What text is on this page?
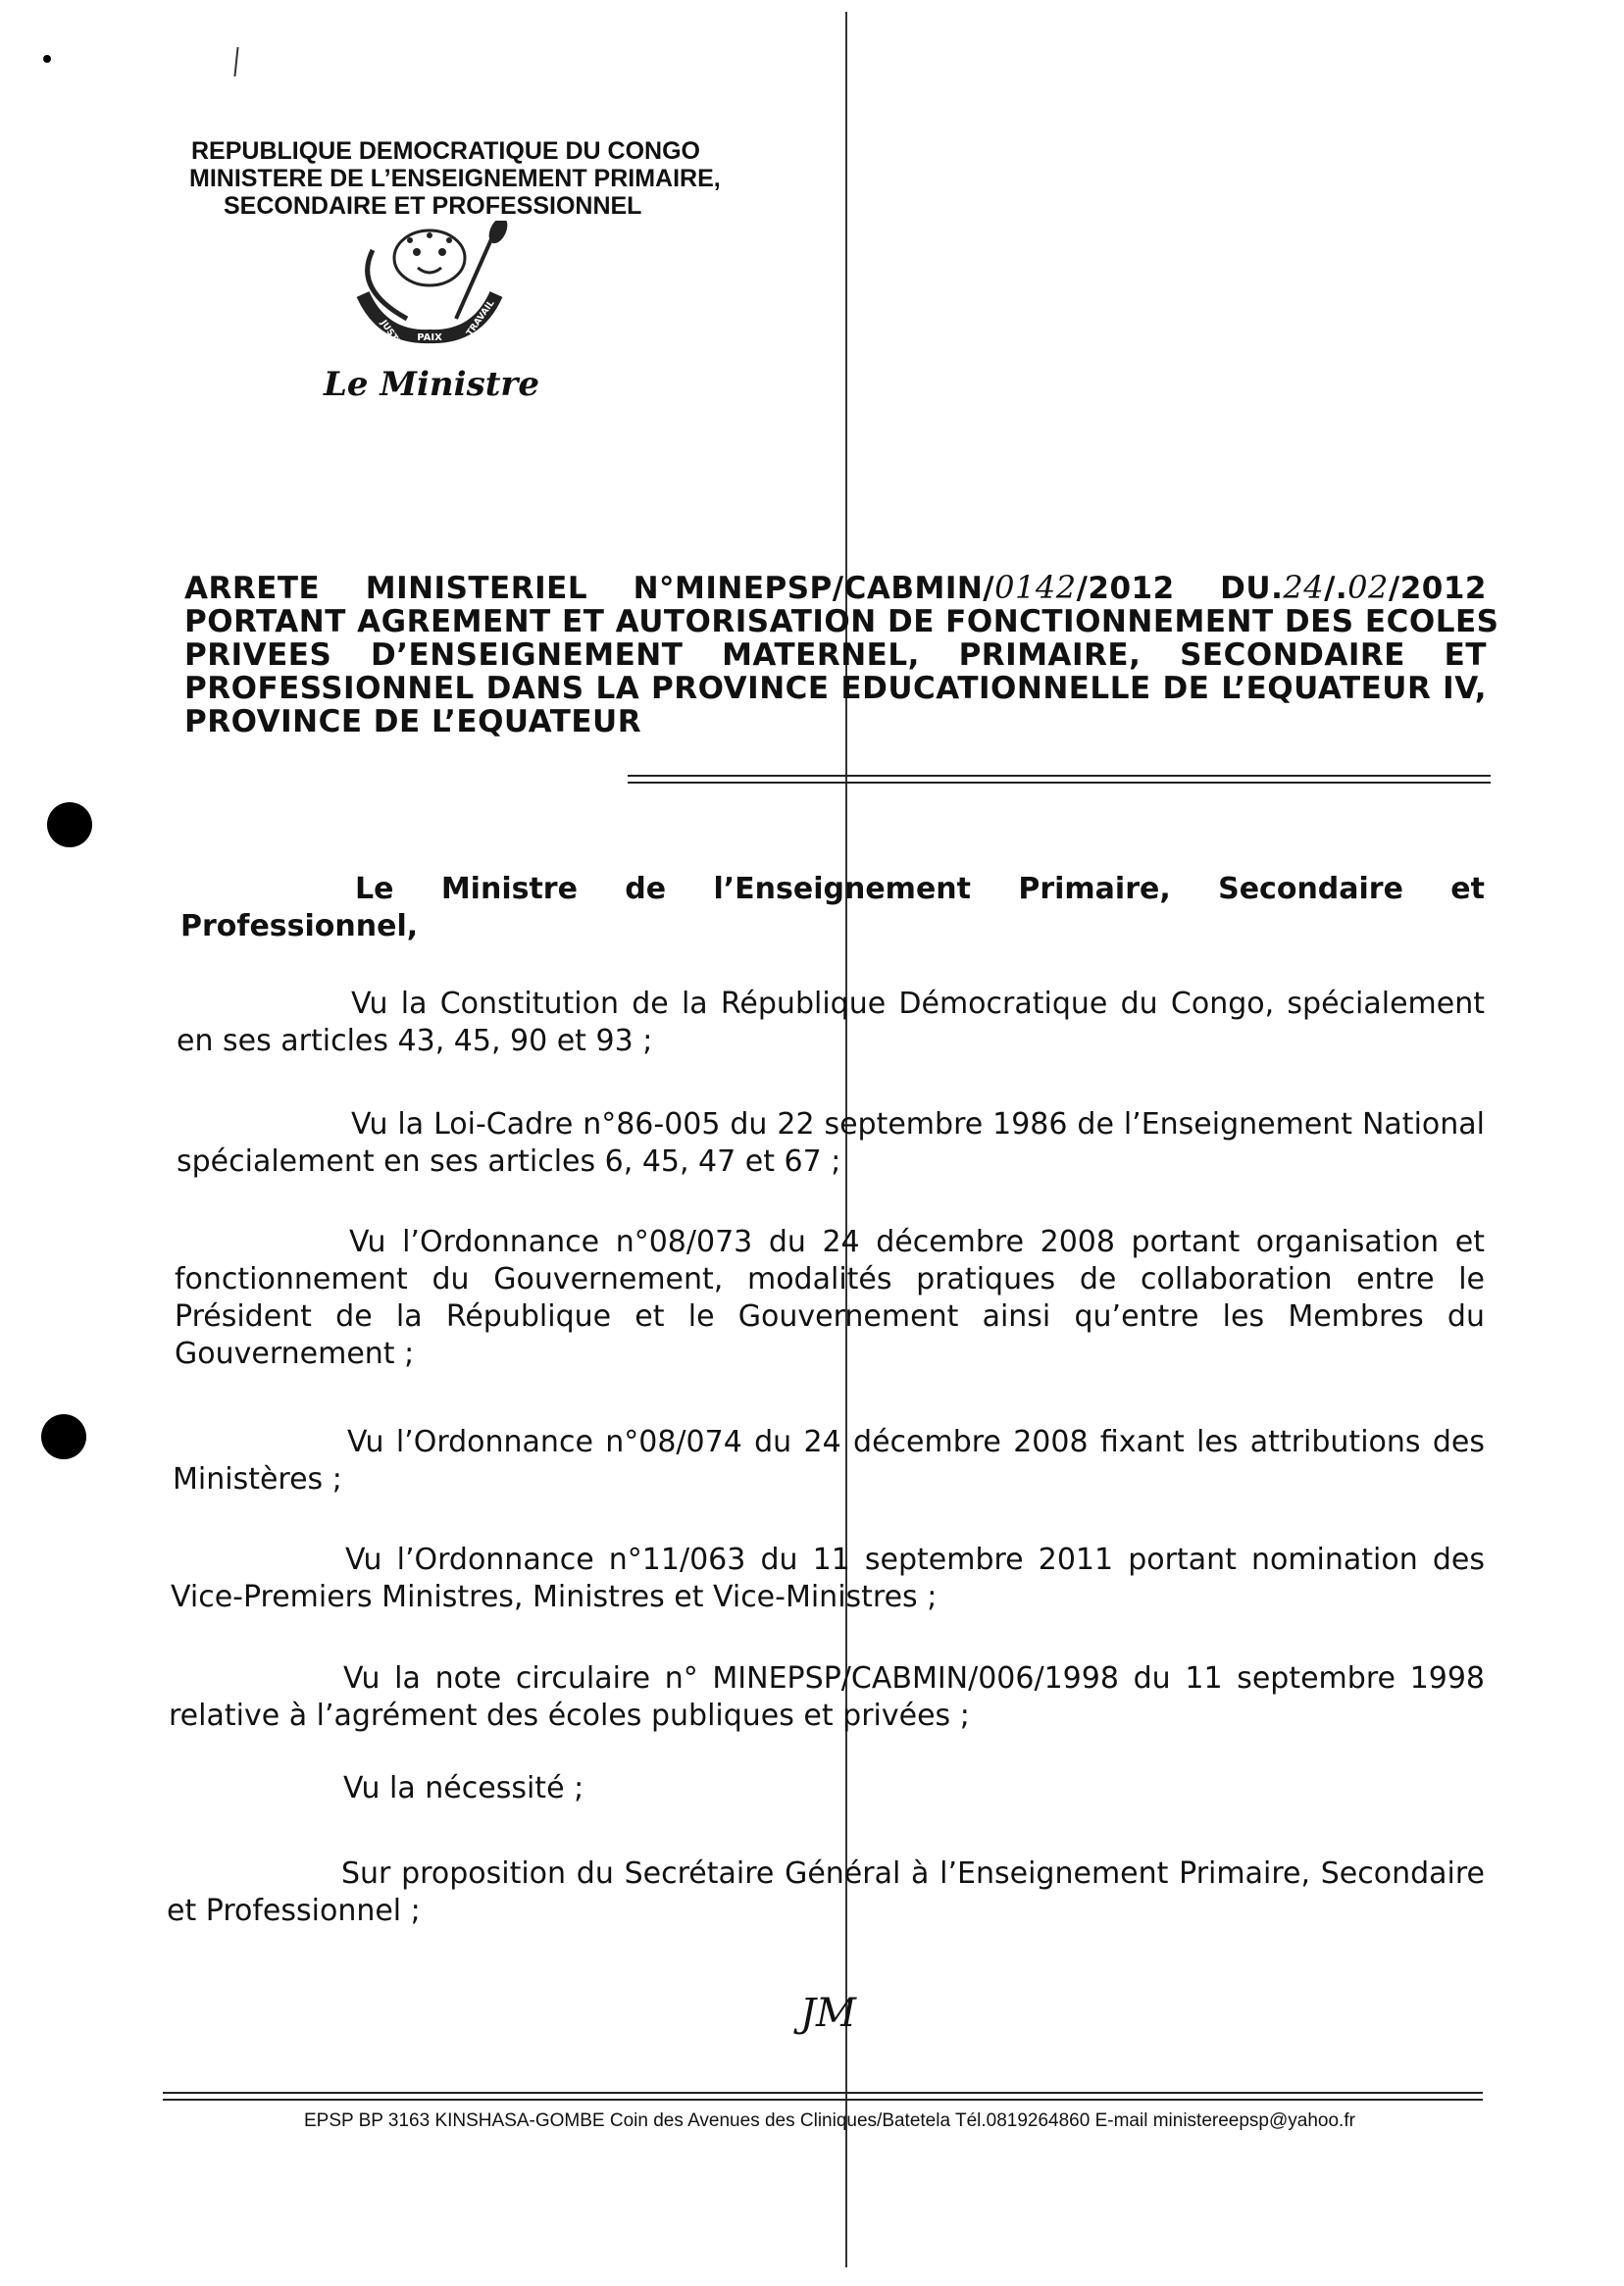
REPUBLIQUE DEMOCRATIQUE DU CONGO
MINISTERE DE L’ENSEIGNEMENT PRIMAIRE,
SECONDAIRE ET PROFESSIONNEL
PAIX
JUSTICE	TRAVAIL
Le Ministre
ARRETE MINISTERIEL N°MINEPSP/CABMIN/0142/2012 DU.24/.02/2012
PORTANT AGREMENT ET AUTORISATION DE FONCTIONNEMENT DES ECOLES
PRIVEES D’ENSEIGNEMENT MATERNEL, PRIMAIRE, SECONDAIRE ET
PROFESSIONNEL DANS LA PROVINCE EDUCATIONNELLE DE L’EQUATEUR IV,
PROVINCE DE L’EQUATEUR
Le Ministre de l’Enseignement Primaire, Secondaire et Professionnel,
Vu la Constitution de la République Démocratique du Congo, spécialement en ses articles 43, 45, 90 et 93 ;
Vu la Loi-Cadre n°86-005 du 22 septembre 1986 de l’Enseignement National spécialement en ses articles 6, 45, 47 et 67 ;
Vu l’Ordonnance n°08/073 du 24 décembre 2008 portant organisation et fonctionnement du Gouvernement, modalités pratiques de collaboration entre le Président de la République et le Gouvernement ainsi qu’entre les Membres du Gouvernement ;
Vu l’Ordonnance n°08/074 du 24 décembre 2008 fixant les attributions des Ministères ;
Vu l’Ordonnance n°11/063 du 11 septembre 2011 portant nomination des Vice-Premiers Ministres, Ministres et Vice-Ministres ;
Vu la note circulaire n° MINEPSP/CABMIN/006/1998 du 11 septembre 1998 relative à l’agrément des écoles publiques et privées ;
Vu la nécessité ;
Sur proposition du Secrétaire Général à l’Enseignement Primaire, Secondaire et Professionnel ;
JM
EPSP BP 3163 KINSHASA-GOMBE Coin des Avenues des Cliniques/Batetela Tél.0819264860 E-mail ministereepsp@yahoo.fr
